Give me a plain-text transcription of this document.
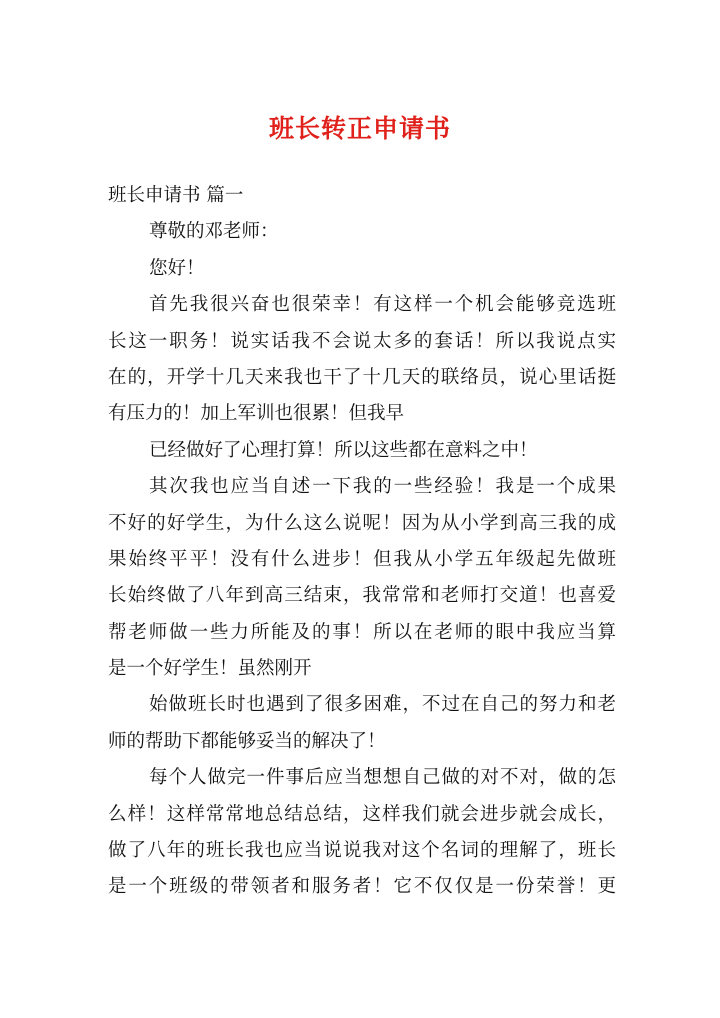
班长转正申请书
班长申请书 篇一
尊敬的邓老师：
您好！
首先我很兴奋也很荣幸！有这样一个机会能够竞选班
长这一职务！说实话我不会说太多的套话！所以我说点实
在的，开学十几天来我也干了十几天的联络员，说心里话挺
有压力的！加上军训也很累！但我早
已经做好了心理打算！所以这些都在意料之中！
其次我也应当自述一下我的一些经验！我是一个成果
不好的好学生，为什么这么说呢！因为从小学到高三我的成
果始终平平！没有什么进步！但我从小学五年级起先做班
长始终做了八年到高三结束，我常常和老师打交道！也喜爱
帮老师做一些力所能及的事！所以在老师的眼中我应当算
是一个好学生！虽然刚开
始做班长时也遇到了很多困难，不过在自己的努力和老
师的帮助下都能够妥当的解决了！
每个人做完一件事后应当想想自己做的对不对，做的怎
么样！这样常常地总结总结，这样我们就会进步就会成长，
做了八年的班长我也应当说说我对这个名词的理解了，班长
是一个班级的带领者和服务者！它不仅仅是一份荣誉！更
